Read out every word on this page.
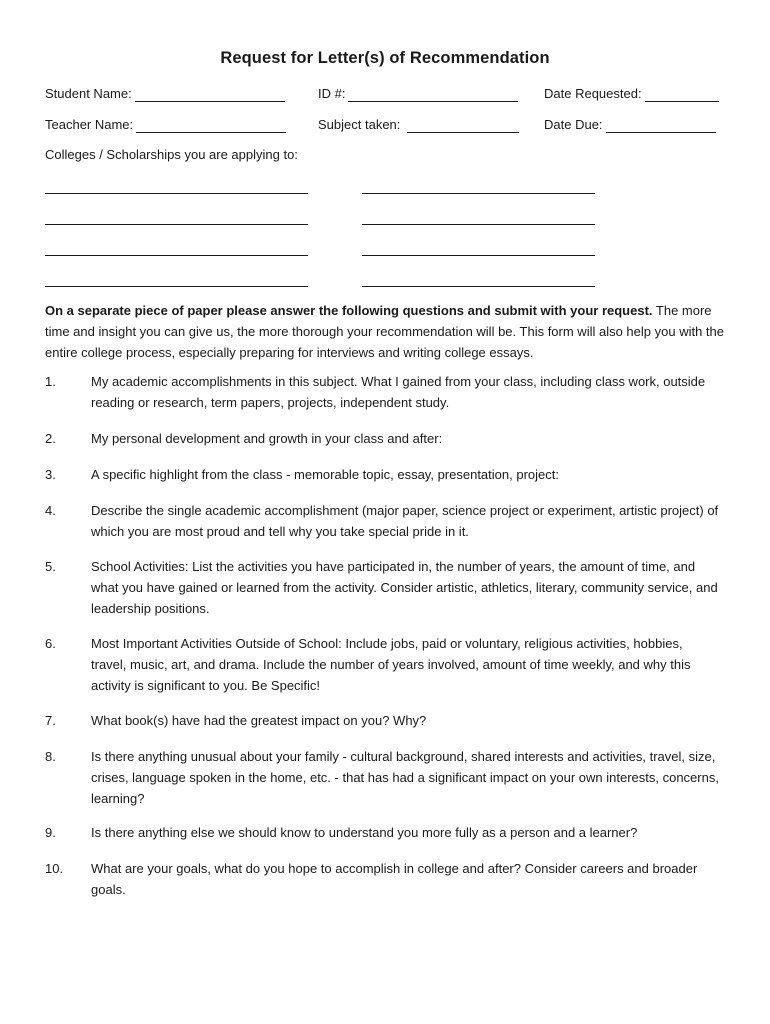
Request for Letter(s) of Recommendation
Student Name:	ID #:	Date Requested:
Teacher Name:	Subject taken:	Date Due:
Colleges / Scholarships you are applying to:
On a separate piece of paper please answer the following questions and submit with your request. The more time and insight you can give us, the more thorough your recommendation will be. This form will also help you with the entire college process, especially preparing for interviews and writing college essays.
1.	My academic accomplishments in this subject. What I gained from your class, including class work, outside reading or research, term papers, projects, independent study.
2.	My personal development and growth in your class and after:
3.	A specific highlight from the class - memorable topic, essay, presentation, project:
4.	Describe the single academic accomplishment (major paper, science project or experiment, artistic project) of which you are most proud and tell why you take special pride in it.
5.	School Activities: List the activities you have participated in, the number of years, the amount of time, and what you have gained or learned from the activity. Consider artistic, athletics, literary, community service, and leadership positions.
6.	Most Important Activities Outside of School: Include jobs, paid or voluntary, religious activities, hobbies, travel, music, art, and drama. Include the number of years involved, amount of time weekly, and why this activity is significant to you. Be Specific!
7.	What book(s) have had the greatest impact on you? Why?
8.	Is there anything unusual about your family - cultural background, shared interests and activities, travel, size, crises, language spoken in the home, etc. - that has had a significant impact on your own interests, concerns, learning?
9.	Is there anything else we should know to understand you more fully as a person and a learner?
10.	What are your goals, what do you hope to accomplish in college and after? Consider careers and broader goals.
